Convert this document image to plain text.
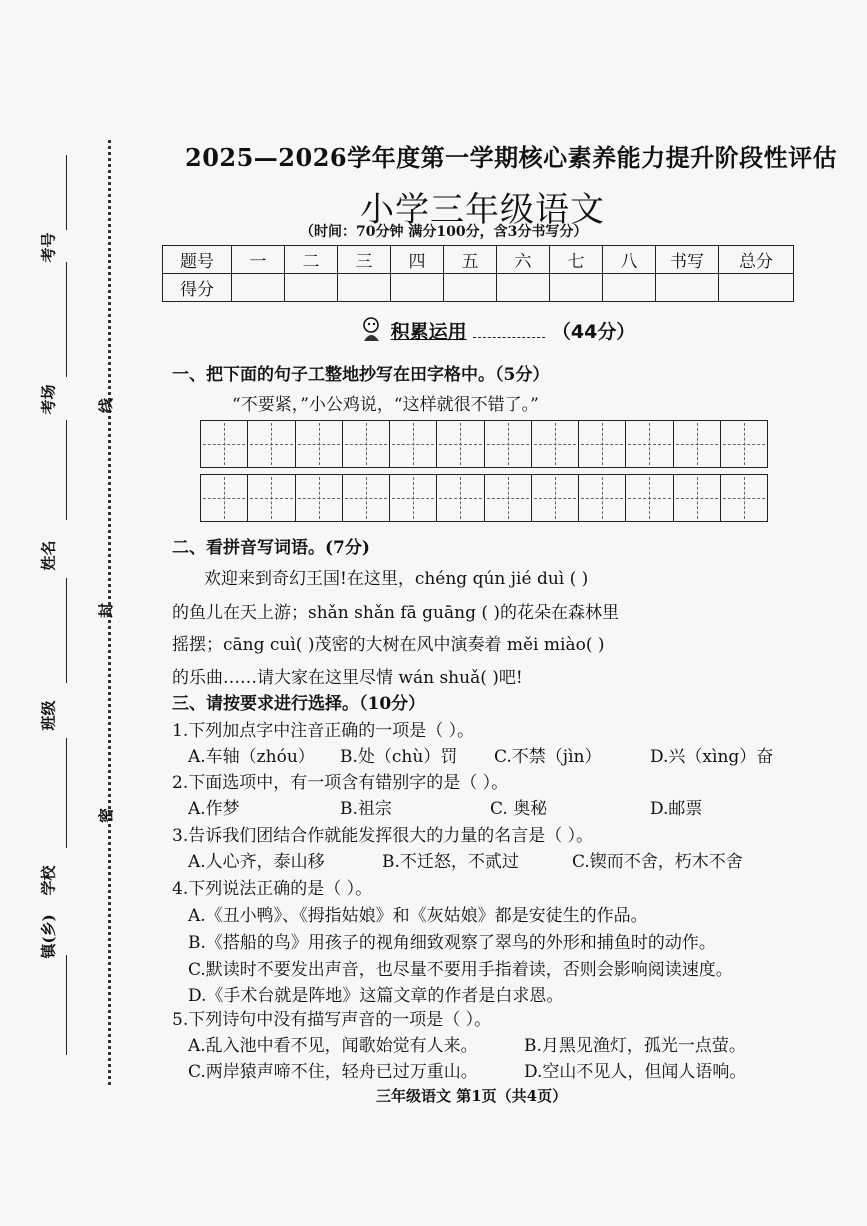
考号
考场
姓名
班级
学校
镇(乡)
线
封
密
2025—2026学年度第一学期核心素养能力提升阶段性评估
小学三年级语文
（时间：70分钟 满分100分，含3分书写分）
题号	一	二	三	四	五	六	七	八	书写	总分
得分										
积累运用	（44分）
一、把下面的句子工整地抄写在田字格中。（5分）
“不要紧，”小公鸡说，“这样就很不错了。”
二、看拼音写词语。(7分)
欢迎来到奇幻王国!在这里，chéng qún jié duì ( )
的鱼儿在天上游；shǎn shǎn fā guāng ( )的花朵在森林里
摇摆；cāng cuì( )茂密的大树在风中演奏着 měi miào( )
的乐曲……请大家在这里尽情 wán shuǎ( )吧!
三、请按要求进行选择。（10分）
1.下列加点字中注音正确的一项是（ ）。
A.车轴（zhóu） B.处（chù）罚 C.不禁（jìn）	D.兴（xìng）奋
2.下面选项中，有一项含有错别字的是（ ）。
A.作梦	B.祖宗	C. 奥秘	D.邮票
3.告诉我们团结合作就能发挥很大的力量的名言是（ ）。
A.人心齐，泰山移	B.不迁怒，不贰过	C.锲而不舍，朽木不舍
4.下列说法正确的是（ ）。
A.《丑小鸭》、《拇指姑娘》和《灰姑娘》都是安徒生的作品。
B.《搭船的鸟》用孩子的视角细致观察了翠鸟的外形和捕鱼时的动作。
C.默读时不要发出声音，也尽量不要用手指着读，否则会影响阅读速度。
D.《手术台就是阵地》这篇文章的作者是白求恩。
5.下列诗句中没有描写声音的一项是（ ）。
A.乱入池中看不见，闻歌始觉有人来。	B.月黑见渔灯，孤光一点萤。
C.两岸猿声啼不住，轻舟已过万重山。	D.空山不见人，但闻人语响。
三年级语文 第1页（共4页）
